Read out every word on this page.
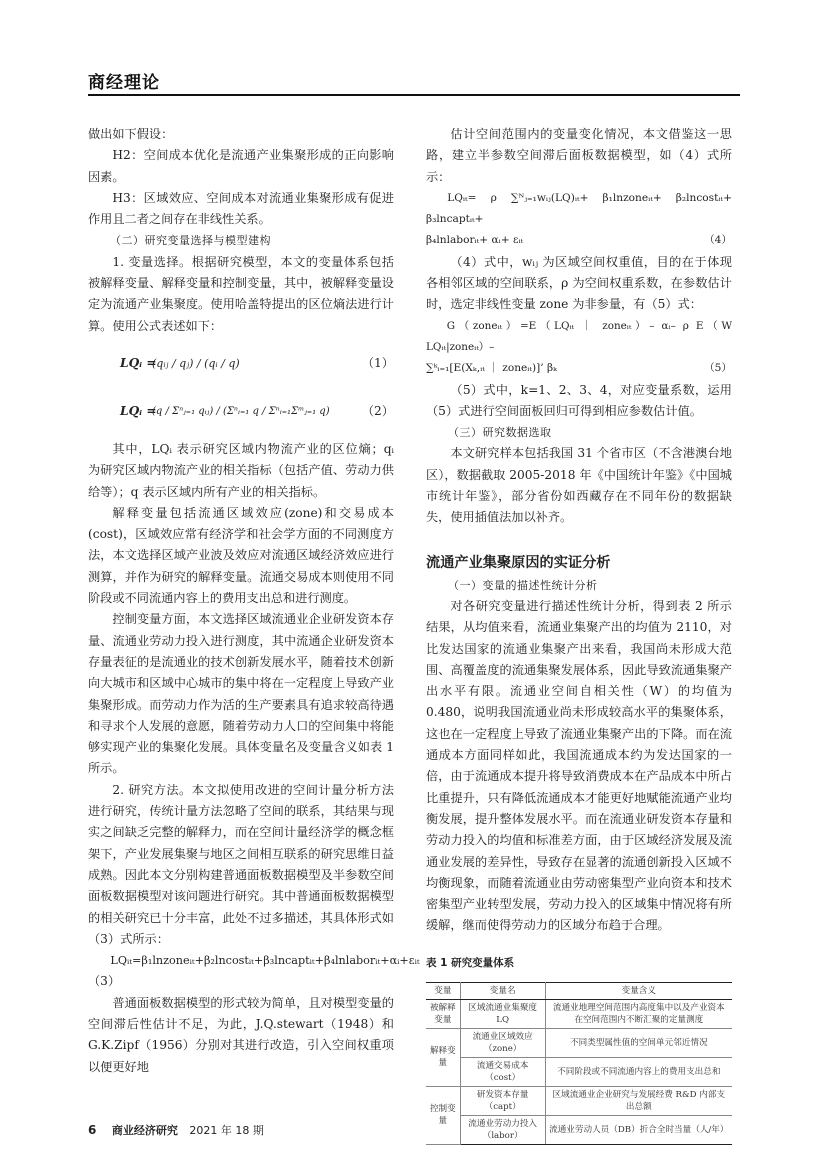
商经理论

做出如下假设：

H2：空间成本优化是流通产业集聚形成的正向影响因素。

H3：区域效应、空间成本对流通业集聚形成有促进作用且二者之间存在非线性关系。

（二）研究变量选择与模型建构

1. 变量选择。根据研究模型，本文的变量体系包括被解释变量、解释变量和控制变量，其中，被解释变量设定为流通产业集聚度。使用哈盖特提出的区位熵法进行计算。使用公式表述如下：

LQᵢ =
(qᵢⱼ / qⱼ) / (qᵢ / q)	（1）
LQᵢ =
(q / Σⁿⱼ₌₁ qᵢⱼ) / (Σⁿᵢ₌₁ q / Σⁿᵢ₌₁Σᵐⱼ₌₁ q)	（2）

其中，LQᵢ 表示研究区域内物流产业的区位熵；qᵢ 为研究区域内物流产业的相关指标（包括产值、劳动力供给等）；q 表示区域内所有产业的相关指标。

解释变量包括流通区域效应(zone)和交易成本(cost)，区域效应常有经济学和社会学方面的不同测度方法，本文选择区域产业波及效应对流通区域经济效应进行测算，并作为研究的解释变量。流通交易成本则使用不同阶段或不同流通内容上的费用支出总和进行测度。

控制变量方面，本文选择区域流通业企业研发资本存量、流通业劳动力投入进行测度，其中流通企业研发资本存量表征的是流通业的技术创新发展水平，随着技术创新向大城市和区域中心城市的集中将在一定程度上导致产业集聚形成。而劳动力作为活的生产要素具有追求较高待遇和寻求个人发展的意愿，随着劳动力人口的空间集中将能够实现产业的集聚化发展。具体变量名及变量含义如表 1 所示。

2. 研究方法。本文拟使用改进的空间计量分析方法进行研究，传统计量方法忽略了空间的联系，其结果与现实之间缺乏完整的解释力，而在空间计量经济学的概念框架下，产业发展集聚与地区之间相互联系的研究思维日益成熟。因此本文分别构建普通面板数据模型及半参数空间面板数据模型对该问题进行研究。其中普通面板数据模型的相关研究已十分丰富，此处不过多描述，其具体形式如（3）式所示：

LQᵢₜ=β₁lnzoneᵢₜ+β₂lncostᵢₜ+β₃lncaptᵢₜ+β₄lnlaborᵢₜ+αᵢ+εᵢₜ

（3）

普通面板数据模型的形式较为简单，且对模型变量的空间滞后性估计不足，为此，J.Q.stewart（1948）和 G.K.Zipf（1956）分别对其进行改造，引入空间权重项以便更好地

估计空间范围内的变量变化情况，本文借鉴这一思路，建立半参数空间滞后面板数据模型，如（4）式所示：

LQᵢₜ= ρ ∑ᴺⱼ₌₁wᵢⱼ(LQ)ᵢₜ+ β₁lnzoneᵢₜ+ β₂lncostᵢₜ+ β₃lncaptᵢₜ+

β₄lnlaborᵢₜ+ αᵢ+ εᵢₜ	（4）

（4）式中，wᵢⱼ 为区域空间权重值，目的在于体现各相邻区域的空间联系，ρ 为空间权重系数，在参数估计时，选定非线性变量 zone 为非参量，有（5）式：

G（zoneᵢₜ）=E（LQᵢₜ ｜ zoneᵢₜ）– αᵢ– ρ E（W LQᵢₜ|zoneᵢₜ）–

∑ᵏᵢ₌₁[E(Xₖ,ᵢₜ ｜ zoneᵢₜ)]’ βₖ	（5）

（5）式中，k=1、2、3、4，对应变量系数，运用（5）式进行空间面板回归可得到相应参数估计值。

（三）研究数据选取

本文研究样本包括我国 31 个省市区（不含港澳台地区），数据截取 2005-2018 年《中国统计年鉴》《中国城市统计年鉴》，部分省份如西藏存在不同年份的数据缺失，使用插值法加以补齐。

流通产业集聚原因的实证分析

（一）变量的描述性统计分析

对各研究变量进行描述性统计分析，得到表 2 所示结果，从均值来看，流通业集聚产出的均值为 2110，对比发达国家的流通业集聚产出来看，我国尚未形成大范围、高覆盖度的流通集聚发展体系，因此导致流通集聚产出水平有限。流通业空间自相关性（W）的均值为 0.480，说明我国流通业尚未形成较高水平的集聚体系，这也在一定程度上导致了流通业集聚产出的下降。而在流通成本方面同样如此，我国流通成本约为发达国家的一倍，由于流通成本提升将导致消费成本在产品成本中所占比重提升，只有降低流通成本才能更好地赋能流通产业均衡发展，提升整体发展水平。而在流通业研发资本存量和劳动力投入的均值和标准差方面，由于区域经济发展及流通业发展的差异性，导致存在显著的流通创新投入区域不均衡现象，而随着流通业由劳动密集型产业向资本和技术密集型产业转型发展，劳动力投入的区域集中情况将有所缓解，继而使得劳动力的区域分布趋于合理。

表 1 研究变量体系

变量	变量名	变量含义
被解释变量	区域流通业集聚度 LQ	流通业地理空间范围内高度集中以及产业资本在空间范围内不断汇聚的定量测度
解释变量	流通业区域效应（zone）	不同类型属性值的空间单元邻近情况
	流通交易成本（cost）	不同阶段或不同流通内容上的费用支出总和
控制变量	研发资本存量（capt）	区域流通业企业研究与发展经费 R&D 内部支出总额
	流通业劳动力投入（labor）	流通业劳动人员（DB）折合全时当量（人/年）
6 商业经济研究 2021 年 18 期
